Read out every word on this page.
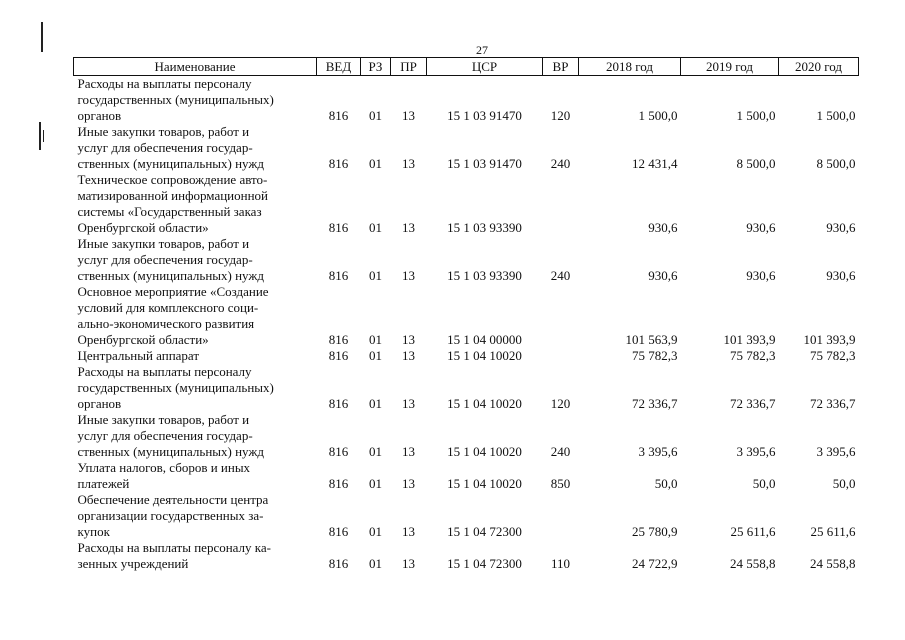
27
Наименование	ВЕД	РЗ	ПР	ЦСР	ВР	2018 год	2019 год	2020 год

Расходы на выплаты персоналу
государственных (муниципальных)
органов	816	01	13	15 1 03 91470	120	1 500,0	1 500,0	1 500,0

Иные закупки товаров, работ и
услуг для обеспечения государ-
ственных (муниципальных) нужд	816	01	13	15 1 03 91470	240	12 431,4	8 500,0	8 500,0

Техническое сопровождение авто-
матизированной информационной
системы «Государственный заказ
Оренбургской области»	816	01	13	15 1 03 93390		930,6	930,6	930,6

Иные закупки товаров, работ и
услуг для обеспечения государ-
ственных (муниципальных) нужд	816	01	13	15 1 03 93390	240	930,6	930,6	930,6

Основное мероприятие «Создание
условий для комплексного соци-
ально-экономического развития
Оренбургской области»	816	01	13	15 1 04 00000		101 563,9	101 393,9	101 393,9

Центральный аппарат	816	01	13	15 1 04 10020		75 782,3	75 782,3	75 782,3

Расходы на выплаты персоналу
государственных (муниципальных)
органов	816	01	13	15 1 04 10020	120	72 336,7	72 336,7	72 336,7

Иные закупки товаров, работ и
услуг для обеспечения государ-
ственных (муниципальных) нужд	816	01	13	15 1 04 10020	240	3 395,6	3 395,6	3 395,6

Уплата налогов, сборов и иных
платежей	816	01	13	15 1 04 10020	850	50,0	50,0	50,0

Обеспечение деятельности центра
организации государственных за-
купок	816	01	13	15 1 04 72300		25 780,9	25 611,6	25 611,6

Расходы на выплаты персоналу ка-
зенных учреждений	816	01	13	15 1 04 72300	110	24 722,9	24 558,8	24 558,8
